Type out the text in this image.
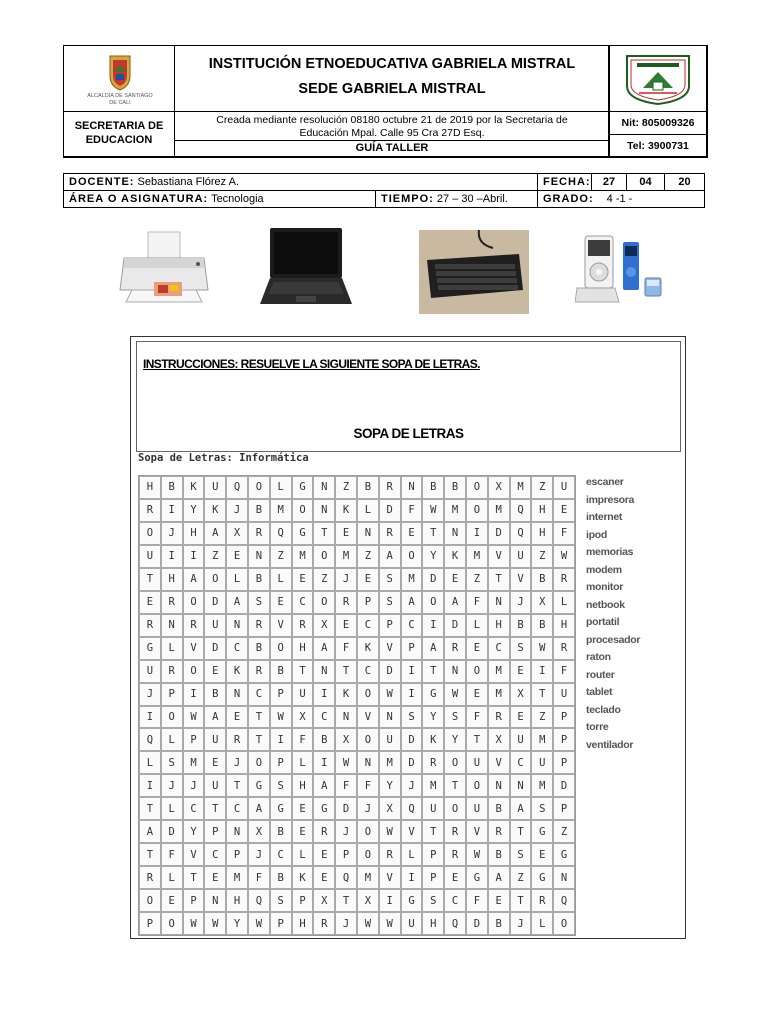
ALCALDÍA DE SANTIAGO DE CALI
INSTITUCIÓN ETNOEDUCATIVA GABRIELA MISTRAL
SEDE GABRIELA MISTRAL
SECRETARIA DE EDUCACION
Creada mediante resolución 08180 octubre 21 de 2019 por la Secretaria de Educación Mpal. Calle 95 Cra 27D Esq.
GUÍA TALLER
Nit: 805009326
Tel: 3900731
DOCENTE: Sebastiana Flórez A.	FECHA:	27	04	20
ÁREA O ASIGNATURA: Tecnologia	TIEMPO: 27 – 30 –Abril.	GRADO: 4 -1 -
INSTRUCCIONES: RESUELVE LA SIGUIENTE SOPA DE LETRAS.
SOPA DE LETRAS
Sopa de Letras: Informática
H	B	K	U	Q	O	L	G	N	Z	B	R	N	B	B	O	X	M	Z	U
R	I	Y	K	J	B	M	O	N	K	L	D	F	W	M	O	M	Q	H	E
O	J	H	A	X	R	Q	G	T	E	N	R	E	T	N	I	D	Q	H	F
U	I	I	Z	E	N	Z	M	O	M	Z	A	O	Y	K	M	V	U	Z	W
T	H	A	O	L	B	L	E	Z	J	E	S	M	D	E	Z	T	V	B	R
E	R	O	D	A	S	E	C	O	R	P	S	A	O	A	F	N	J	X	L
R	N	R	U	N	R	V	R	X	E	C	P	C	I	D	L	H	B	B	H
G	L	V	D	C	B	O	H	A	F	K	V	P	A	R	E	C	S	W	R
U	R	O	E	K	R	B	T	N	T	C	D	I	T	N	O	M	E	I	F
J	P	I	B	N	C	P	U	I	K	O	W	I	G	W	E	M	X	T	U
I	O	W	A	E	T	W	X	C	N	V	N	S	Y	S	F	R	E	Z	P
Q	L	P	U	R	T	I	F	B	X	O	U	D	K	Y	T	X	U	M	P
L	S	M	E	J	O	P	L	I	W	N	M	D	R	O	U	V	C	U	P
I	J	J	U	T	G	S	H	A	F	F	Y	J	M	T	O	N	N	M	D
T	L	C	T	C	A	G	E	G	D	J	X	Q	U	O	U	B	A	S	P
A	D	Y	P	N	X	B	E	R	J	O	W	V	T	R	V	R	T	G	Z
T	F	V	C	P	J	C	L	E	P	O	R	L	P	R	W	B	S	E	G
R	L	T	E	M	F	B	K	E	Q	M	V	I	P	E	G	A	Z	G	N
O	E	P	N	H	Q	S	P	X	T	X	I	G	S	C	F	E	T	R	Q
P	O	W	W	Y	W	P	H	R	J	W	W	U	H	Q	D	B	J	L	O
escaner
impresora
internet
ipod
memorias
modem
monitor
netbook
portatil
procesador
raton
router
tablet
teclado
torre
ventilador
